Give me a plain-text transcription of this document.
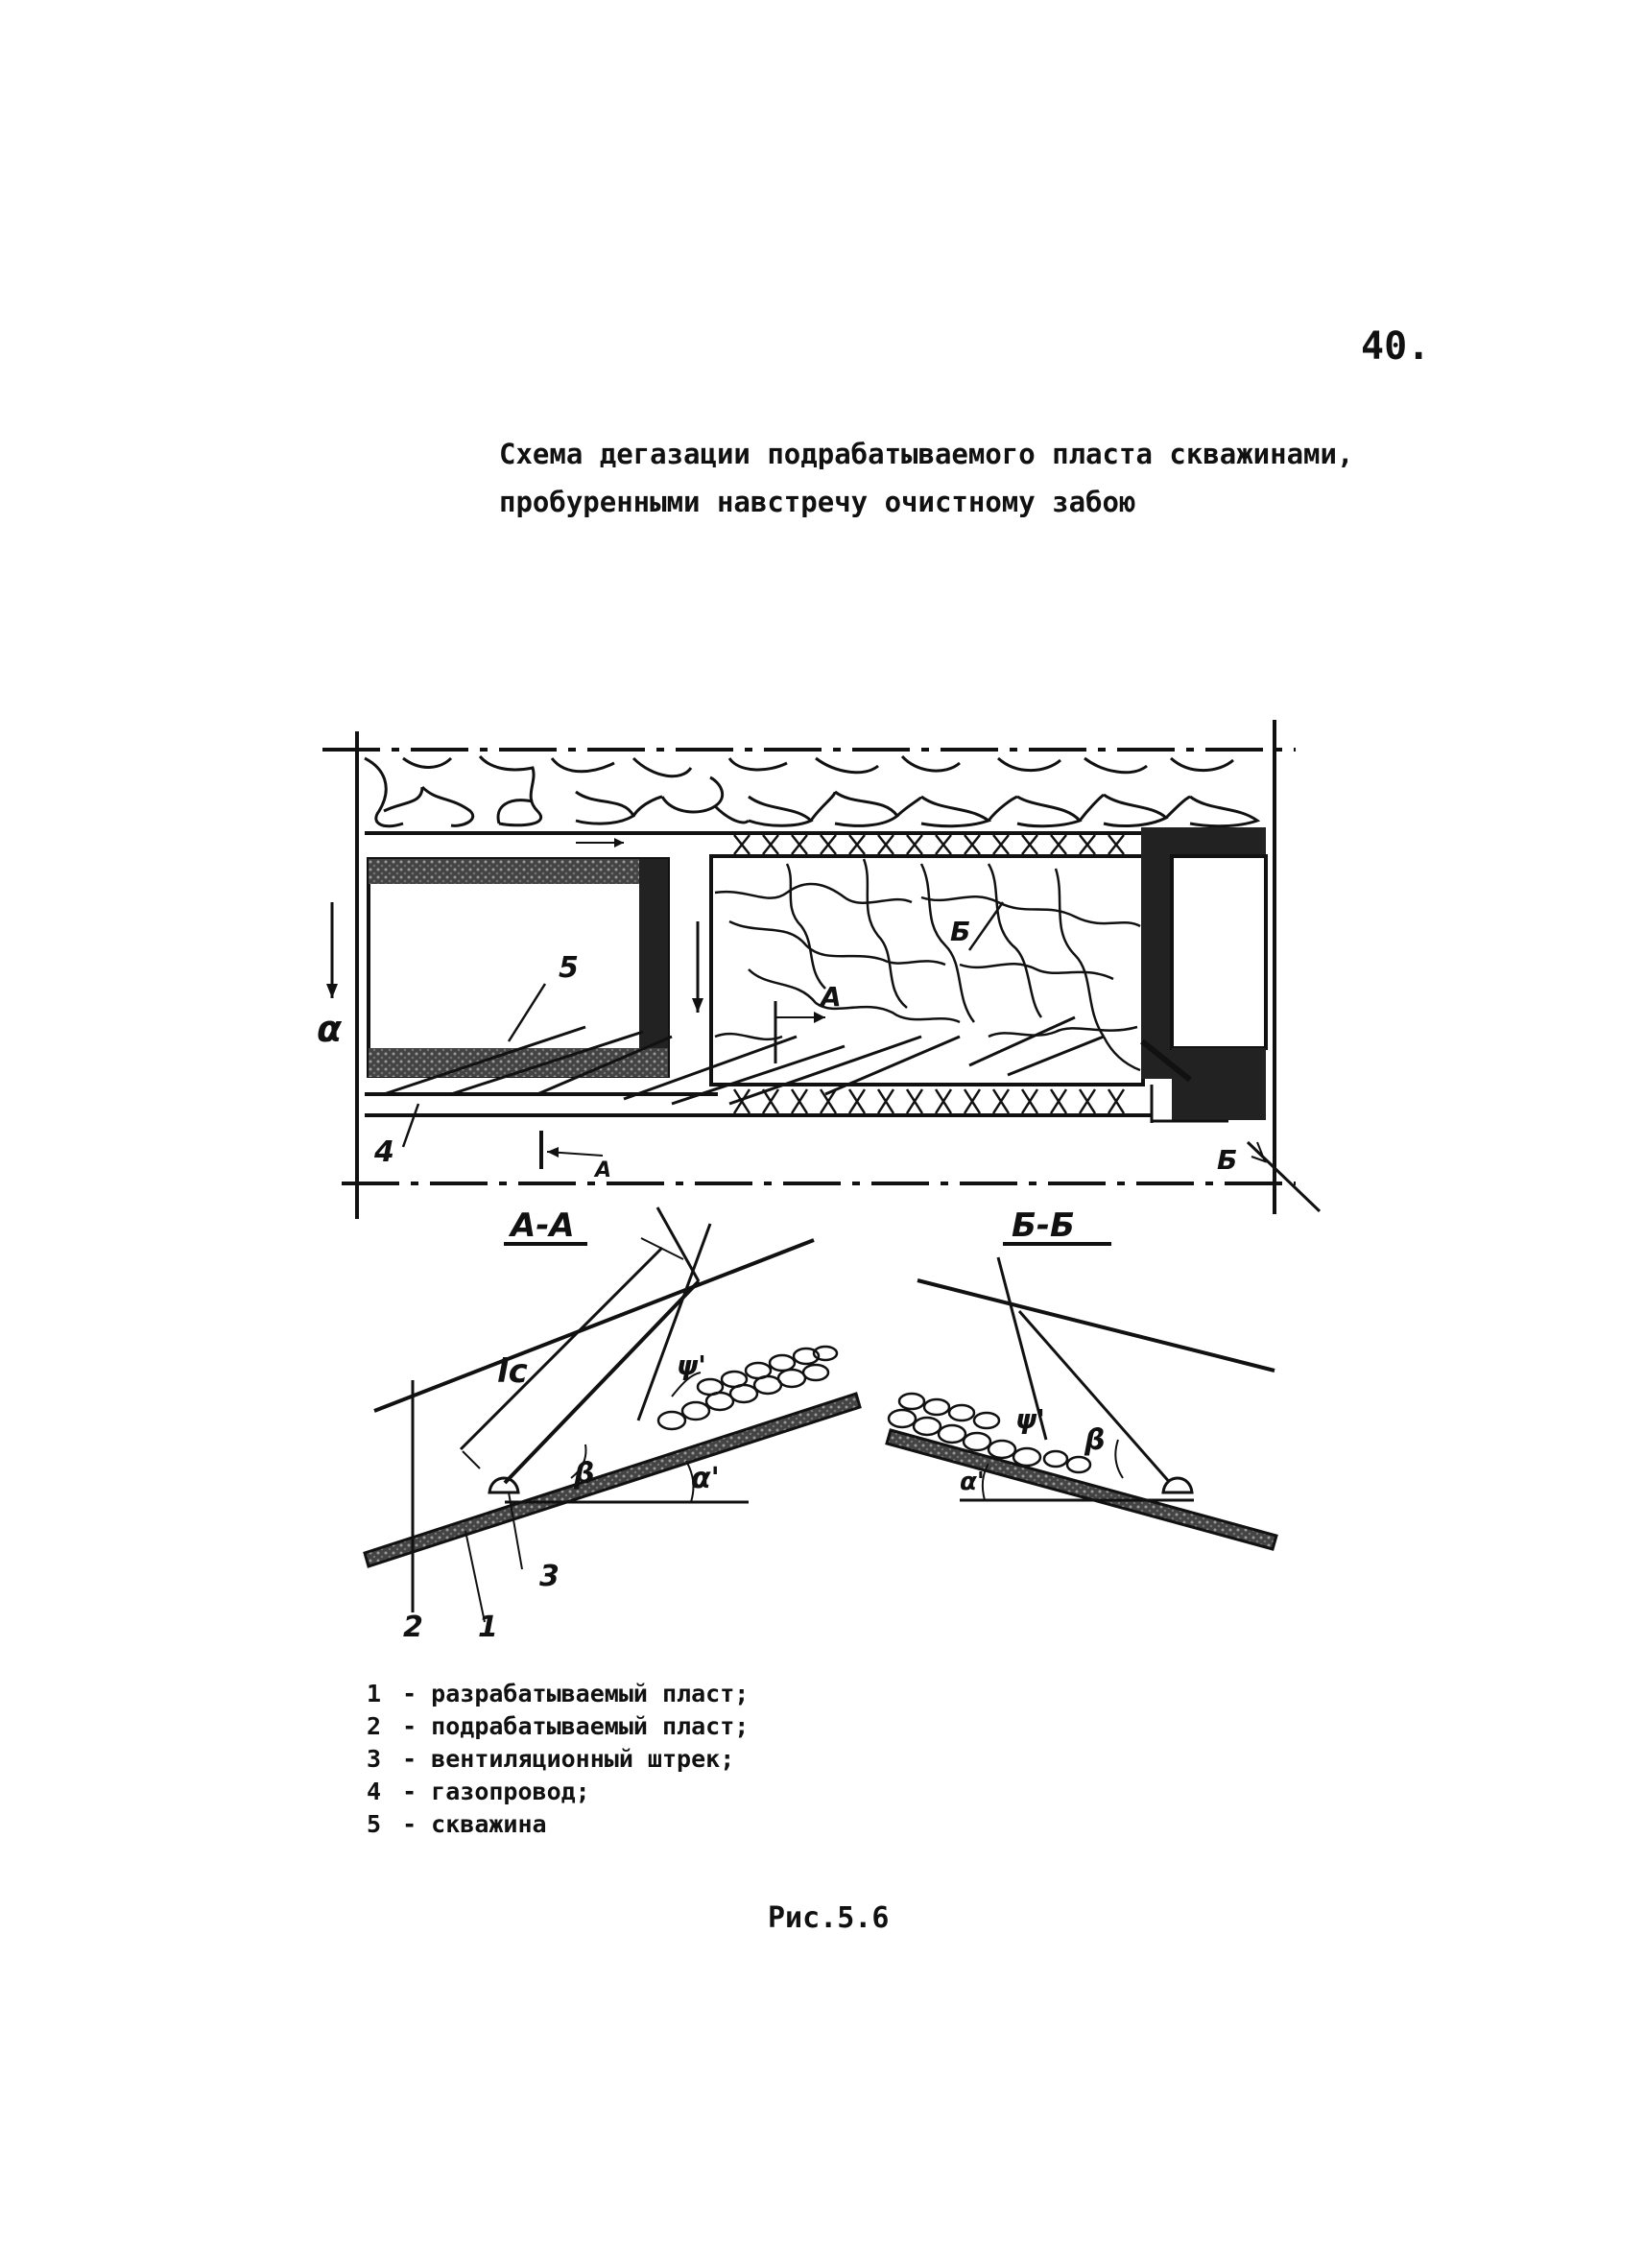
40.
Схема дегазации подрабатываемого пласта скважинами,
пробуренными навстречу очистному забою
α
5
4
А
А
Б
Б
А-А
lc
β
ψ'
α'
3
2 1
Б-Б
ψ'
β
α'
1 - разрабатываемый пласт;
2 - подрабатываемый пласт;
3 - вентиляционный штрек;
4 - газопровод;
5 - скважина
Рис.5.6
